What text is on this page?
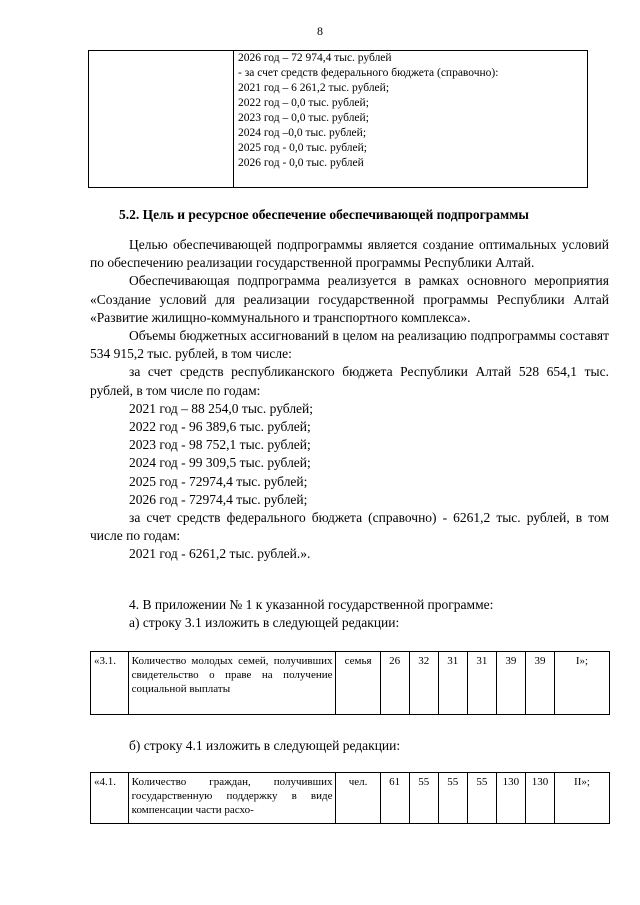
8

2026 год – 72 974,4 тыс. рублей
- за счет средств федерального бюджета (справочно):
2021 год – 6 261,2 тыс. рублей;
2022 год – 0,0 тыс. рублей;
2023 год – 0,0 тыс. рублей;
2024 год –0,0 тыс. рублей;
2025 год - 0,0 тыс. рублей;
2026 год - 0,0 тыс. рублей
5.2. Цель и ресурсное обеспечение обеспечивающей подпрограммы

Целью обеспечивающей подпрограммы является создание оптимальных условий по обеспечению реализации государственной программы Республики Алтай.

Обеспечивающая подпрограмма реализуется в рамках основного мероприятия «Создание условий для реализации государственной программы Республики Алтай «Развитие жилищно-коммунального и транспортного комплекса».

Объемы бюджетных ассигнований в целом на реализацию подпрограммы составят 534 915,2 тыс. рублей, в том числе:

за счет средств республиканского бюджета Республики Алтай 528 654,1 тыс. рублей, в том числе по годам:

2021 год – 88 254,0 тыс. рублей;
2022 год - 96 389,6 тыс. рублей;
2023 год - 98 752,1 тыс. рублей;
2024 год - 99 309,5 тыс. рублей;
2025 год - 72974,4 тыс. рублей;
2026 год - 72974,4 тыс. рублей;

за счет средств федерального бюджета (справочно) - 6261,2 тыс. рублей, в том числе по годам:

2021 год - 6261,2 тыс. рублей.».
4. В приложении № 1 к указанной государственной программе:
а) строку 3.1 изложить в следующей редакции:
«3.1.	Количество молодых семей, получивших свидетельство о праве на получение социальной выплаты	семья	26	32	31	31	39	39	I»;
б) строку 4.1 изложить в следующей редакции:
«4.1.	Количество граждан, получивших государственную поддержку в виде компенсации части расхо-	чел.	61	55	55	55	130	130	II»;
